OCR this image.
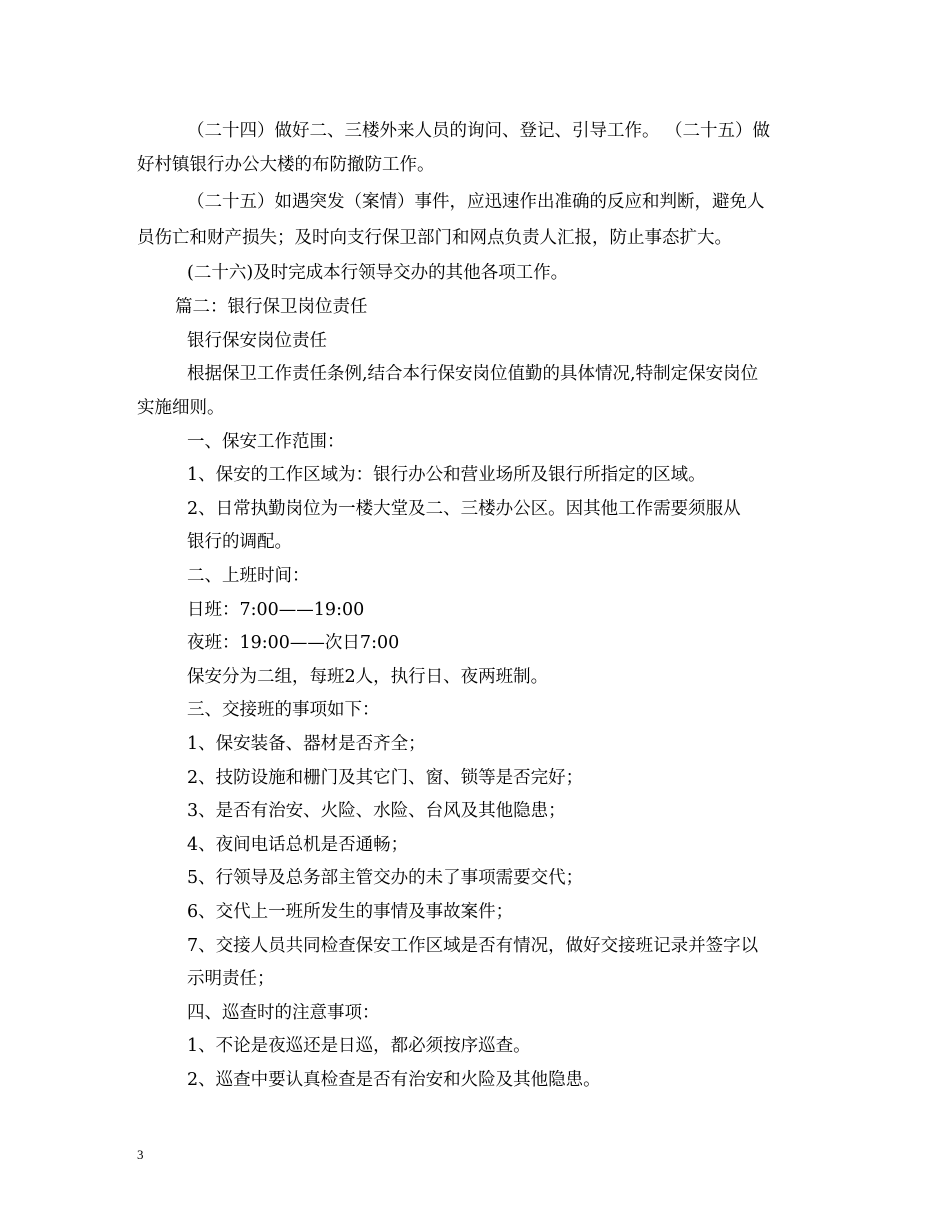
（二十四）做好二、三楼外来人员的询问、登记、引导工作。 （二十五）做
好村镇银行办公大楼的布防撤防工作。
（二十五）如遇突发（案情）事件，应迅速作出准确的反应和判断，避免人
员伤亡和财产损失；及时向支行保卫部门和网点负责人汇报，防止事态扩大。
(二十六)及时完成本行领导交办的其他各项工作。
篇二：银行保卫岗位责任
银行保安岗位责任
根据保卫工作责任条例,结合本行保安岗位值勤的具体情况,特制定保安岗位
实施细则。
一、保安工作范围：
1、保安的工作区域为：银行办公和营业场所及银行所指定的区域。
2、日常执勤岗位为一楼大堂及二、三楼办公区。因其他工作需要须服从
银行的调配。
二、上班时间：
日班：7:00——19:00
夜班：19:00——次日7:00
保安分为二组，每班2人，执行日、夜两班制。
三、交接班的事项如下：
1、保安装备、器材是否齐全；
2、技防设施和栅门及其它门、窗、锁等是否完好；
3、是否有治安、火险、水险、台风及其他隐患；
4、夜间电话总机是否通畅；
5、行领导及总务部主管交办的未了事项需要交代；
6、交代上一班所发生的事情及事故案件；
7、交接人员共同检查保安工作区域是否有情况，做好交接班记录并签字以
示明责任；
四、巡查时的注意事项：
1、不论是夜巡还是日巡，都必须按序巡查。
2、巡查中要认真检查是否有治安和火险及其他隐患。
3
